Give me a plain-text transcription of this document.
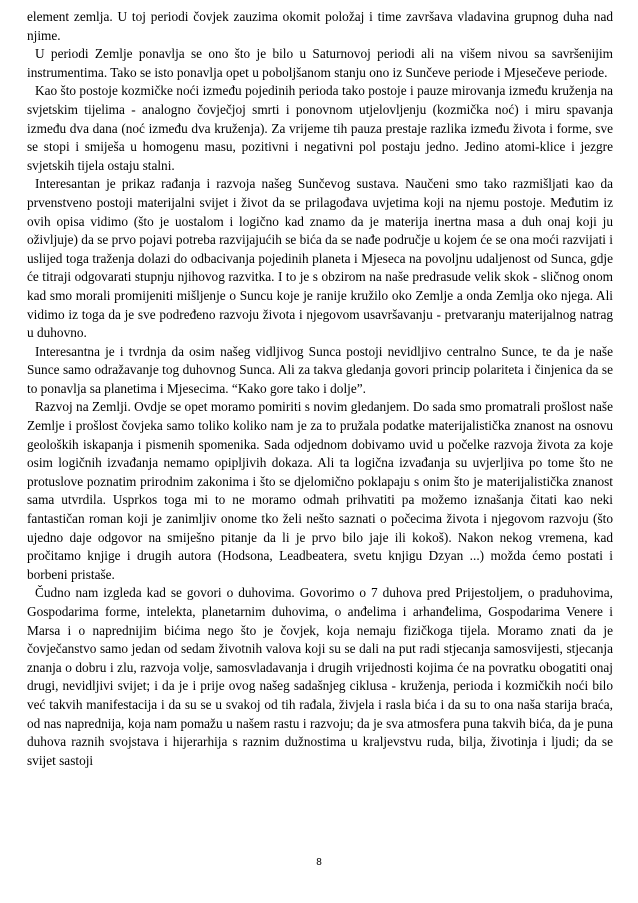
element zemlja. U toj periodi čovjek zauzima okomit položaj i time završava vladavina grupnog duha nad njime.

U periodi Zemlje ponavlja se ono što je bilo u Saturnovoj periodi ali na višem nivou sa savršenijim instrumentima. Tako se isto ponavlja opet u poboljšanom stanju ono iz Sunčeve periode i Mjesečeve periode.

Kao što postoje kozmičke noći između pojedinih perioda tako postoje i pauze mirovanja između kruženja na svjetskim tijelima - analogno čovječjoj smrti i ponovnom utjelovljenju (kozmička noć) i miru spavanja između dva dana (noć između dva kruženja). Za vrijeme tih pauza prestaje razlika između života i forme, sve se stopi i smiješa u homogenu masu, pozitivni i negativni pol postaju jedno. Jedino atomi-klice i jezgre svjetskih tijela ostaju stalni.

Interesantan je prikaz rađanja i razvoja našeg Sunčevog sustava. Naučeni smo tako razmišljati kao da prvenstveno postoji materijalni svijet i život da se prilagođava uvjetima koji na njemu postoje. Međutim iz ovih opisa vidimo (što je uostalom i logično kad znamo da je materija inertna masa a duh onaj koji ju oživljuje) da se prvo pojavi potreba razvijajućih se bića da se nađe područje u kojem će se ona moći razvijati i uslijed toga traženja dolazi do odbacivanja pojedinih planeta i Mjeseca na povoljnu udaljenost od Sunca, gdje će titraji odgovarati stupnju njihovog razvitka. I to je s obzirom na naše predrasude velik skok - sličnog onom kad smo morali promijeniti mišljenje o Suncu koje je ranije kružilo oko Zemlje a onda Zemlja oko njega. Ali vidimo iz toga da je sve podređeno razvoju života i njegovom usavršavanju - pretvaranju materijalnog natrag u duhovno.

Interesantna je i tvrdnja da osim našeg vidljivog Sunca postoji nevidljivo centralno Sunce, te da je naše Sunce samo odražavanje tog duhovnog Sunca. Ali za takva gledanja govori princip polariteta i činjenica da se to ponavlja sa planetima i Mjesecima. “Kako gore tako i dolje”.

Razvoj na Zemlji. Ovdje se opet moramo pomiriti s novim gledanjem. Do sada smo promatrali prošlost naše Zemlje i prošlost čovjeka samo toliko koliko nam je za to pružala podatke materijalistička znanost na osnovu geoloških iskapanja i pismenih spomenika. Sada odjednom dobivamo uvid u počelke razvoja života za koje osim logičnih izvađanja nemamo opipljivih dokaza. Ali ta logična izvađanja su uvjerljiva po tome što ne protuslove poznatim prirodnim zakonima i što se djelomično poklapaju s onim što je materijalistička znanost sama utvrdila. Usprkos toga mi to ne moramo odmah prihvatiti pa možemo iznašanja čitati kao neki fantastičan roman koji je zanimljiv onome tko želi nešto saznati o počecima života i njegovom razvoju (što ujedno daje odgovor na smiješno pitanje da li je prvo bilo jaje ili kokoš). Nakon nekog vremena, kad pročitamo knjige i drugih autora (Hodsona, Leadbeatera, svetu knjigu Dzyan ...) možda ćemo postati i borbeni pristaše.

Čudno nam izgleda kad se govori o duhovima. Govorimo o 7 duhova pred Prijestoljem, o praduhovima, Gospodarima forme, intelekta, planetarnim duhovima, o anđelima i arhanđelima, Gospodarima Venere i Marsa i o naprednijim bićima nego što je čovjek, koja nemaju fizičkoga tijela. Moramo znati da je čovječanstvo samo jedan od sedam životnih valova koji su se dali na put radi stjecanja samosvijesti, stjecanja znanja o dobru i zlu, razvoja volje, samosvladavanja i drugih vrijednosti kojima će na povratku obogatiti onaj drugi, nevidljivi svijet; i da je i prije ovog našeg sadašnjeg ciklusa - kruženja, perioda i kozmičkih noći bilo već takvih manifestacija i da su se u svakoj od tih rađala, živjela i rasla bića i da su to ona naša starija braća, od nas naprednija, koja nam pomažu u našem rastu i razvoju; da je sva atmosfera puna takvih bića, da je puna duhova raznih svojstava i hijerarhija s raznim dužnostima u kraljevstvu ruda, bilja, životinja i ljudi; da se svijet sastoji

8
